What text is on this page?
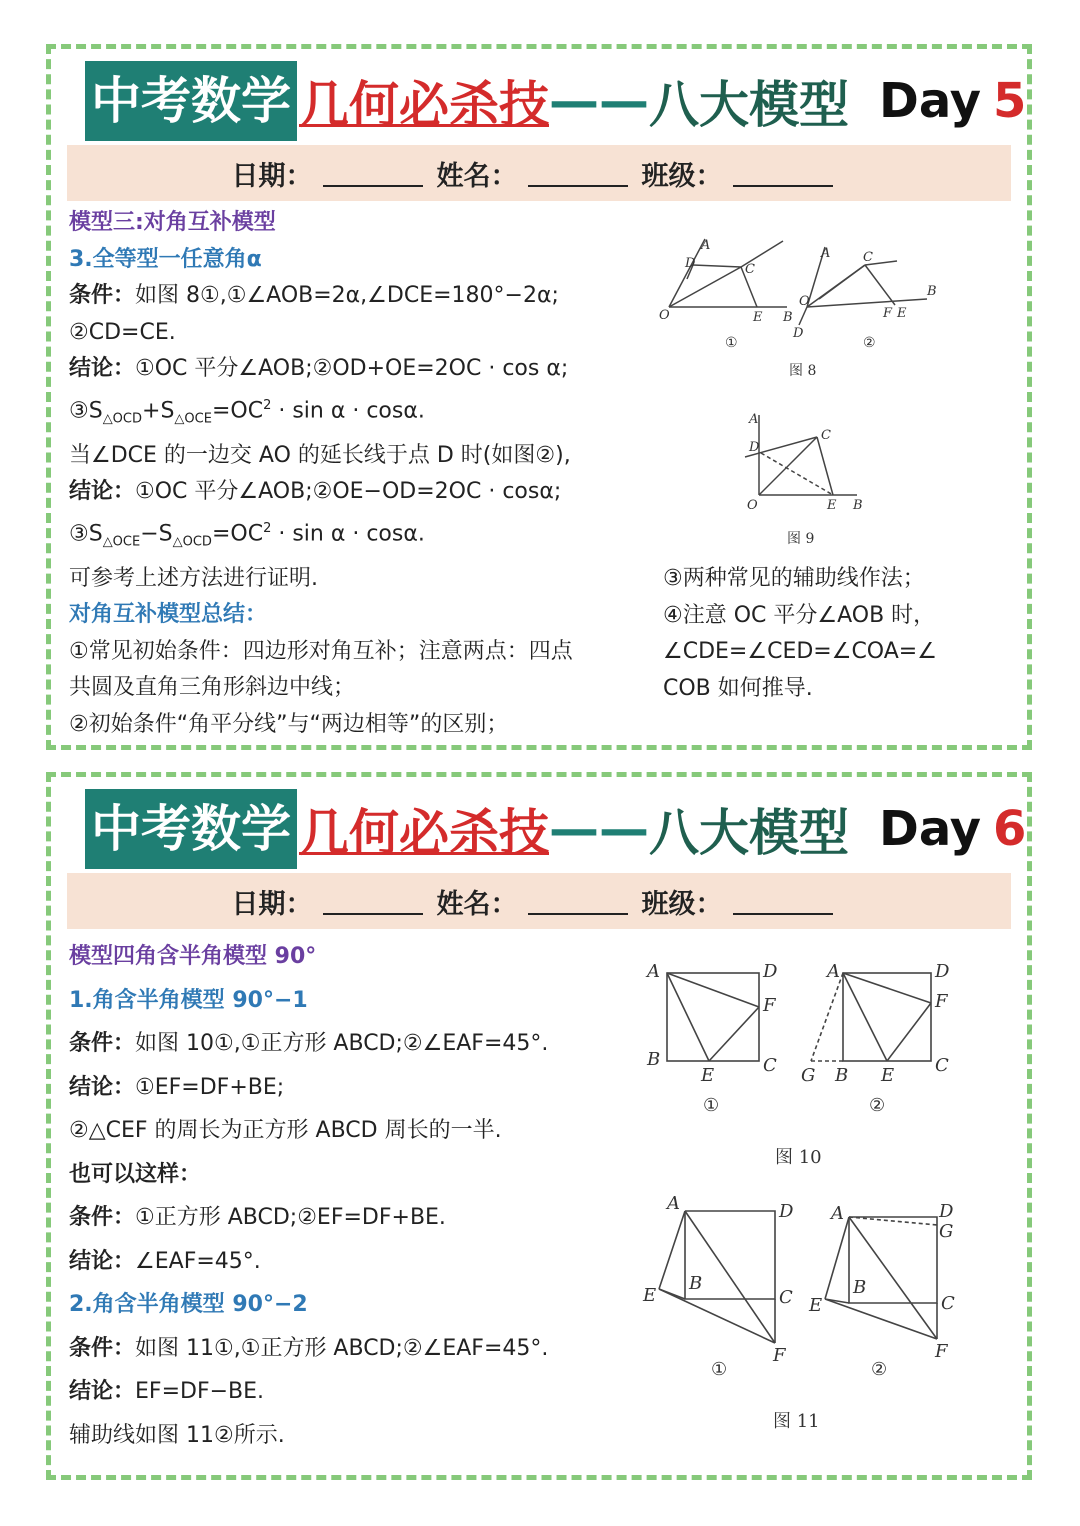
中考数学 几何必杀技 —— 八大模型 Day 5
日期：	姓名：	班级：
模型三:对角互补模型
3.全等型一任意角α
条件：如图 8①,①∠AOB=2α,∠DCE=180°−2α;
②CD=CE.
结论：①OC 平分∠AOB;②OD+OE=2OC · cos α;
$③S_{\triangle OCD}+S_{\triangle OCE}=OC^2 \cdot \sin \alpha \cdot \cos\alpha$.
当∠DCE 的一边交 AO 的延长线于点 D 时(如图②),
结论：①OC 平分∠AOB;②OE−OD=2OC · cosα;
$③S_{\triangle OCE}-S_{\triangle OCD}=OC^2 \cdot \sin \alpha \cdot \cos\alpha$.
可参考上述方法进行证明.
对角互补模型总结：
①常见初始条件：四边形对角互补；注意两点：四点
共圆及直角三角形斜边中线；
②初始条件“角平分线”与“两边相等”的区别；
③两种常见的辅助线作法；
④注意 OC 平分∠AOB 时，
∠CDE=∠CED=∠COA=∠
COB 如何推导.
A
D	C
O	E B
A	C
O
D
F E
B
①	②
图 8
A
D
C
O	E B
图 9
中考数学 几何必杀技 —— 八大模型 Day 6
日期：	姓名：	班级：
模型四角含半角模型 90°
1.角含半角模型 90°−1
条件：如图 10①,①正方形 ABCD;②∠EAF=45°.
结论：①EF=DF+BE;
②△CEF 的周长为正方形 ABCD 周长的一半.
也可以这样：
条件：①正方形 ABCD;②EF=DF+BE.
结论：∠EAF=45°.
2.角含半角模型 90°−2
条件：如图 11①,①正方形 ABCD;②∠EAF=45°.
结论：EF=DF−BE.
辅助线如图 11②所示.
A	D
F
B
E	C
A	D
F
G B E C
①	②
图 10
A	D
B
C
E
F
A	D
G
B
C
E
F
①	②
图 11
